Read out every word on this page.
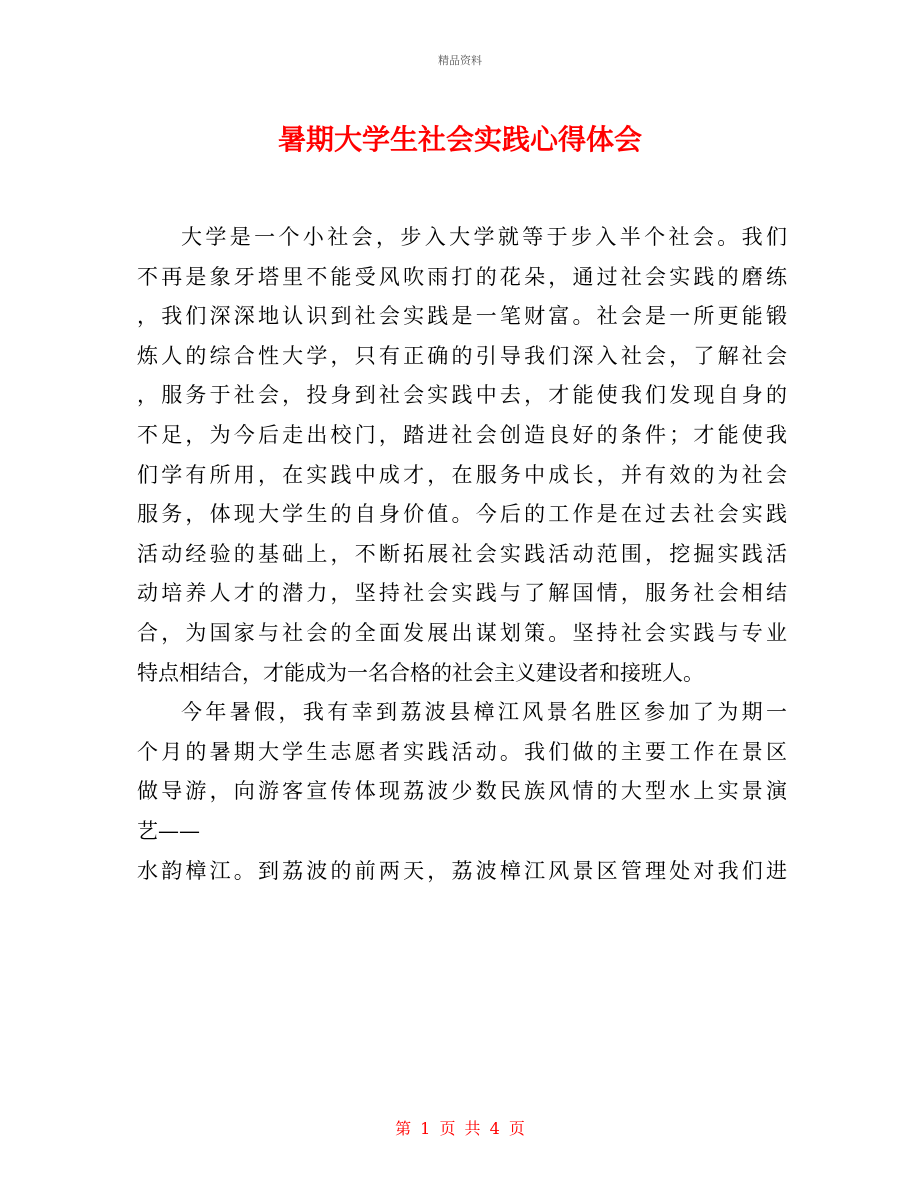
精品资料
暑期大学生社会实践心得体会
大学是一个小社会，步入大学就等于步入半个社会。我们
不再是象牙塔里不能受风吹雨打的花朵，通过社会实践的磨练
，我们深深地认识到社会实践是一笔财富。社会是一所更能锻
炼人的综合性大学，只有正确的引导我们深入社会，了解社会
，服务于社会，投身到社会实践中去，才能使我们发现自身的
不足，为今后走出校门，踏进社会创造良好的条件；才能使我
们学有所用，在实践中成才，在服务中成长，并有效的为社会
服务，体现大学生的自身价值。今后的工作是在过去社会实践
活动经验的基础上，不断拓展社会实践活动范围，挖掘实践活
动培养人才的潜力，坚持社会实践与了解国情，服务社会相结
合，为国家与社会的全面发展出谋划策。坚持社会实践与专业
特点相结合，才能成为一名合格的社会主义建设者和接班人。
今年暑假，我有幸到荔波县樟江风景名胜区参加了为期一
个月的暑期大学生志愿者实践活动。我们做的主要工作在景区
做导游，向游客宣传体现荔波少数民族风情的大型水上实景演
艺——
水韵樟江。到荔波的前两天，荔波樟江风景区管理处对我们进
第 1 页 共 4 页
